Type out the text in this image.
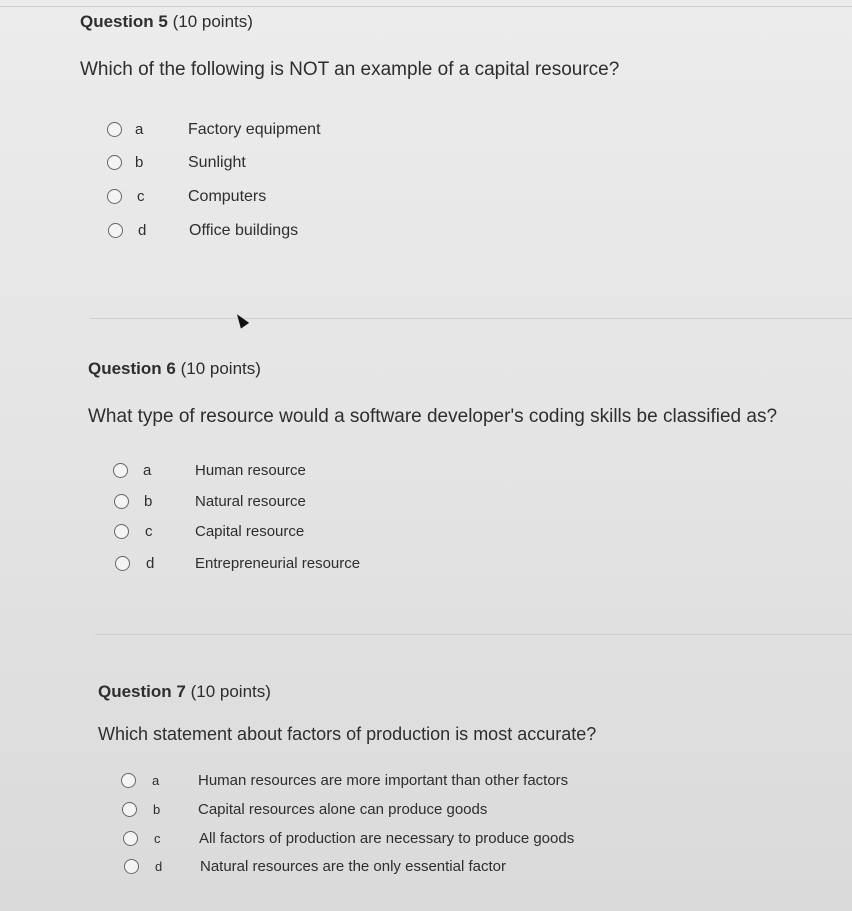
Question 5 (10 points)
Which of the following is NOT an example of a capital resource?
a	Factory equipment
b	Sunlight
c	Computers
d	Office buildings
Question 6 (10 points)
What type of resource would a software developer's coding skills be classified as?
a	Human resource
b	Natural resource
c	Capital resource
d	Entrepreneurial resource
Question 7 (10 points)
Which statement about factors of production is most accurate?
a	Human resources are more important than other factors
b	Capital resources alone can produce goods
c	All factors of production are necessary to produce goods
d	Natural resources are the only essential factor
